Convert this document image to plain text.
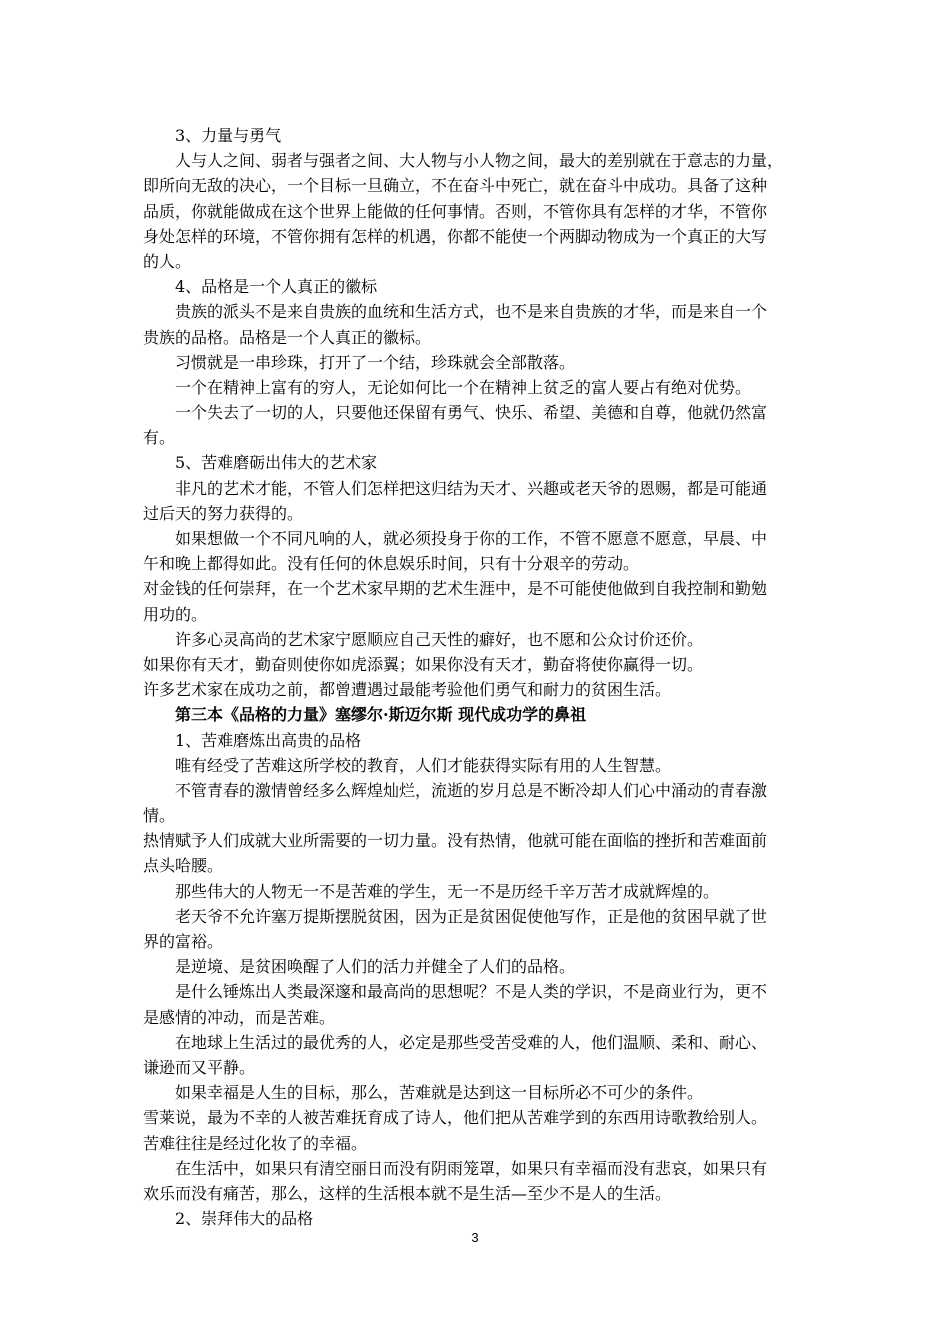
3、力量与勇气
人与人之间、弱者与强者之间、大人物与小人物之间，最大的差别就在于意志的力量，
即所向无敌的决心，一个目标一旦确立，不在奋斗中死亡，就在奋斗中成功。具备了这种
品质，你就能做成在这个世界上能做的任何事情。否则，不管你具有怎样的才华，不管你
身处怎样的环境，不管你拥有怎样的机遇，你都不能使一个两脚动物成为一个真正的大写
的人。
4、品格是一个人真正的徽标
贵族的派头不是来自贵族的血统和生活方式，也不是来自贵族的才华，而是来自一个
贵族的品格。品格是一个人真正的徽标。
习惯就是一串珍珠，打开了一个结，珍珠就会全部散落。
一个在精神上富有的穷人，无论如何比一个在精神上贫乏的富人要占有绝对优势。
一个失去了一切的人，只要他还保留有勇气、快乐、希望、美德和自尊，他就仍然富
有。
5、苦难磨砺出伟大的艺术家
非凡的艺术才能，不管人们怎样把这归结为天才、兴趣或老天爷的恩赐，都是可能通
过后天的努力获得的。
如果想做一个不同凡响的人，就必须投身于你的工作，不管不愿意不愿意，早晨、中
午和晚上都得如此。没有任何的休息娱乐时间，只有十分艰辛的劳动。
对金钱的任何崇拜，在一个艺术家早期的艺术生涯中，是不可能使他做到自我控制和勤勉
用功的。
许多心灵高尚的艺术家宁愿顺应自己天性的癖好，也不愿和公众讨价还价。
如果你有天才，勤奋则使你如虎添翼；如果你没有天才，勤奋将使你赢得一切。
许多艺术家在成功之前，都曾遭遇过最能考验他们勇气和耐力的贫困生活。
第三本《品格的力量》塞缪尔·斯迈尔斯 现代成功学的鼻祖
1、苦难磨炼出高贵的品格
唯有经受了苦难这所学校的教育，人们才能获得实际有用的人生智慧。
不管青春的激情曾经多么辉煌灿烂，流逝的岁月总是不断冷却人们心中涌动的青春激
情。
热情赋予人们成就大业所需要的一切力量。没有热情，他就可能在面临的挫折和苦难面前
点头哈腰。
那些伟大的人物无一不是苦难的学生，无一不是历经千辛万苦才成就辉煌的。
老天爷不允许塞万提斯摆脱贫困，因为正是贫困促使他写作，正是他的贫困早就了世
界的富裕。
是逆境、是贫困唤醒了人们的活力并健全了人们的品格。
是什么锤炼出人类最深邃和最高尚的思想呢？不是人类的学识，不是商业行为，更不
是感情的冲动，而是苦难。
在地球上生活过的最优秀的人，必定是那些受苦受难的人，他们温顺、柔和、耐心、
谦逊而又平静。
如果幸福是人生的目标，那么，苦难就是达到这一目标所必不可少的条件。
雪莱说，最为不幸的人被苦难抚育成了诗人，他们把从苦难学到的东西用诗歌教给别人。
苦难往往是经过化妆了的幸福。
在生活中，如果只有清空丽日而没有阴雨笼罩，如果只有幸福而没有悲哀，如果只有
欢乐而没有痛苦，那么，这样的生活根本就不是生活—至少不是人的生活。
2、崇拜伟大的品格
3
